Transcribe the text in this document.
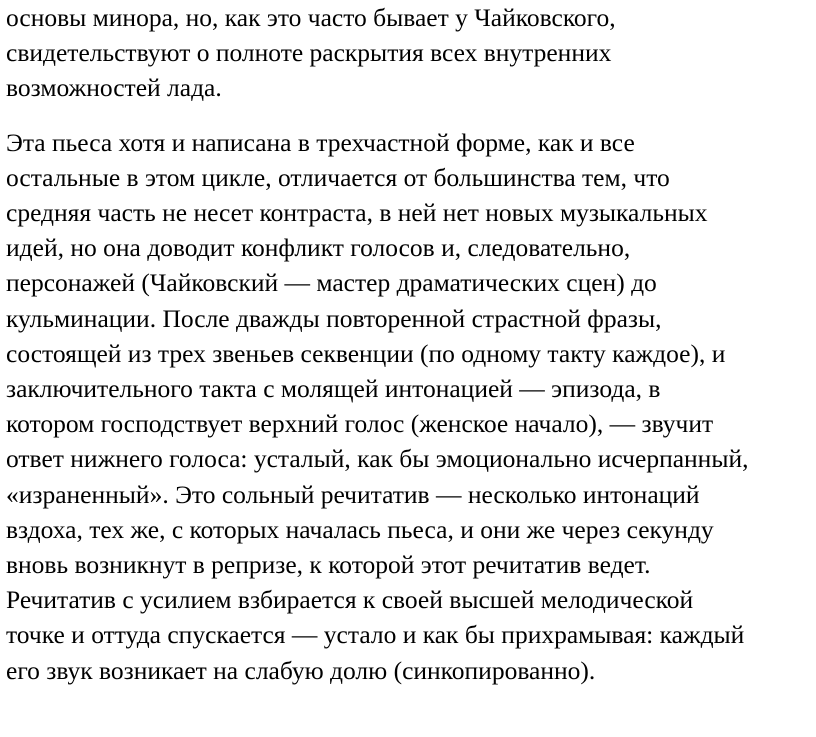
основы минора, но, как это часто бывает у Чайковского,
свидетельствуют о полноте раскрытия всех внутренних
возможностей лада.

Эта пьеса хотя и написана в трехчастной форме, как и все
остальные в этом цикле, отличается от большинства тем, что
средняя часть не несет контраста, в ней нет новых музыкальных
идей, но она доводит конфликт голосов и, следовательно,
персонажей (Чайковский — мастер драматических сцен) до
кульминации. После дважды повторенной страстной фразы,
состоящей из трех звеньев секвенции (по одному такту каждое), и
заключительного такта с молящей интонацией — эпизода, в
котором господствует верхний голос (женское начало), — звучит
ответ нижнего голоса: усталый, как бы эмоционально исчерпанный,
«израненный». Это сольный речитатив — несколько интонаций
вздоха, тех же, с которых началась пьеса, и они же через секунду
вновь возникнут в репризе, к которой этот речитатив ведет.
Речитатив с усилием взбирается к своей высшей мелодической
точке и оттуда спускается — устало и как бы прихрамывая: каждый
его звук возникает на слабую долю (синкопированно).
